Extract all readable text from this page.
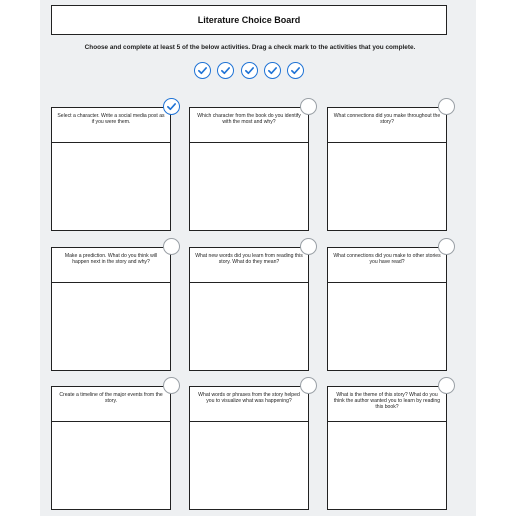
Literature Choice Board
Choose and complete at least 5 of the below activities. Drag a check mark to the activities that you complete.
Select a character. Write a social media post as if you were them.
Which character from the book do you identify with the most and why?
What connections did you make throughout the story?
Make a prediction. What do you think will happen next in the story and why?
What new words did you learn from reading this story. What do they mean?
What connections did you make to other stories you have read?
Create a timeline of the major events from the story.
What words or phrases from the story helped you to visualize what was happening?
What is the theme of this story? What do you think the author wanted you to learn by reading this book?
